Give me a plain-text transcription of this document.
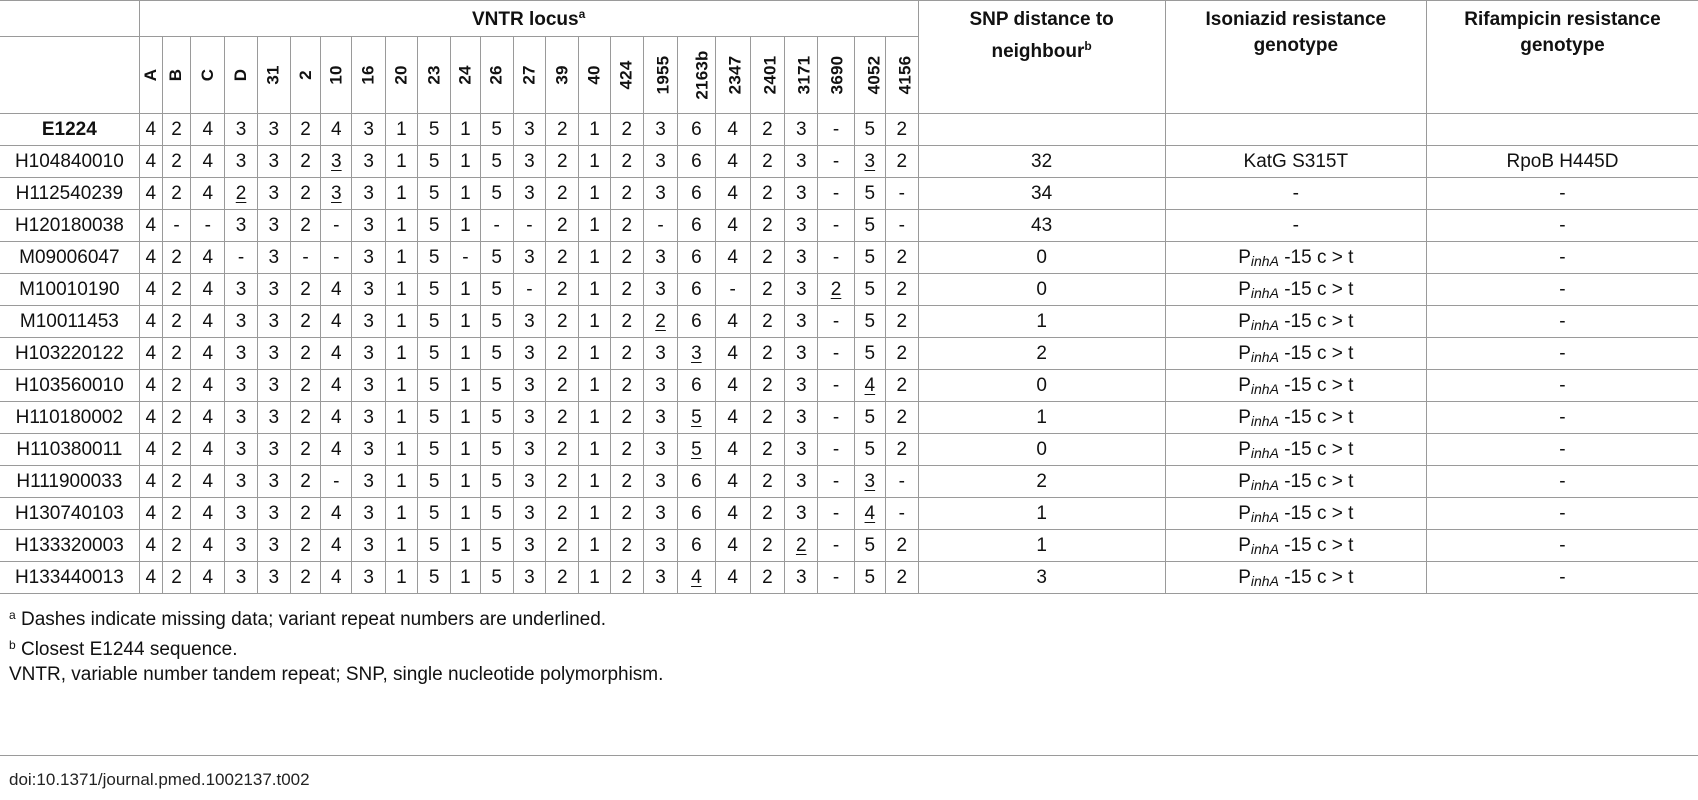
	VNTR locus$^a$																								SNP distance to neighbour$^b$	Isoniazid resistance genotype	Rifampicin resistance genotype
	A	B	C	D	31	2	10	16	20	23	24	26	27	39	40	424	1955	2163b	2347	2401	3171	3690	4052	4156			
E1224	4	2	4	3	3	2	4	3	1	5	1	5	3	2	1	2	3	6	4	2	3	-	5	2			
H104840010	4	2	4	3	3	2	3	3	1	5	1	5	3	2	1	2	3	6	4	2	3	-	3	2	32	KatG S315T	RpoB H445D
H112540239	4	2	4	2	3	2	3	3	1	5	1	5	3	2	1	2	3	6	4	2	3	-	5	-	34	-	-
H120180038	4	-	-	3	3	2	-	3	1	5	1	-	-	2	1	2	-	6	4	2	3	-	5	-	43	-	-
M09006047	4	2	4	-	3	-	-	3	1	5	-	5	3	2	1	2	3	6	4	2	3	-	5	2	0	$P_{inhA}$ -15 c > t	-
M10010190	4	2	4	3	3	2	4	3	1	5	1	5	-	2	1	2	3	6	-	2	3	2	5	2	0	$P_{inhA}$ -15 c > t	-
M10011453	4	2	4	3	3	2	4	3	1	5	1	5	3	2	1	2	2	6	4	2	3	-	5	2	1	$P_{inhA}$ -15 c > t	-
H103220122	4	2	4	3	3	2	4	3	1	5	1	5	3	2	1	2	3	3	4	2	3	-	5	2	2	$P_{inhA}$ -15 c > t	-
H103560010	4	2	4	3	3	2	4	3	1	5	1	5	3	2	1	2	3	6	4	2	3	-	4	2	0	$P_{inhA}$ -15 c > t	-
H110180002	4	2	4	3	3	2	4	3	1	5	1	5	3	2	1	2	3	5	4	2	3	-	5	2	1	$P_{inhA}$ -15 c > t	-
H110380011	4	2	4	3	3	2	4	3	1	5	1	5	3	2	1	2	3	5	4	2	3	-	5	2	0	$P_{inhA}$ -15 c > t	-
H111900033	4	2	4	3	3	2	-	3	1	5	1	5	3	2	1	2	3	6	4	2	3	-	3	-	2	$P_{inhA}$ -15 c > t	-
H130740103	4	2	4	3	3	2	4	3	1	5	1	5	3	2	1	2	3	6	4	2	3	-	4	-	1	$P_{inhA}$ -15 c > t	-
H133320003	4	2	4	3	3	2	4	3	1	5	1	5	3	2	1	2	3	6	4	2	2	-	5	2	1	$P_{inhA}$ -15 c > t	-
H133440013	4	2	4	3	3	2	4	3	1	5	1	5	3	2	1	2	3	4	4	2	3	-	5	2	3	$P_{inhA}$ -15 c > t	-
$^a$ Dashes indicate missing data; variant repeat numbers are underlined.
$^b$ Closest E1244 sequence.
VNTR, variable number tandem repeat; SNP, single nucleotide polymorphism.
doi:10.1371/journal.pmed.1002137.t002
